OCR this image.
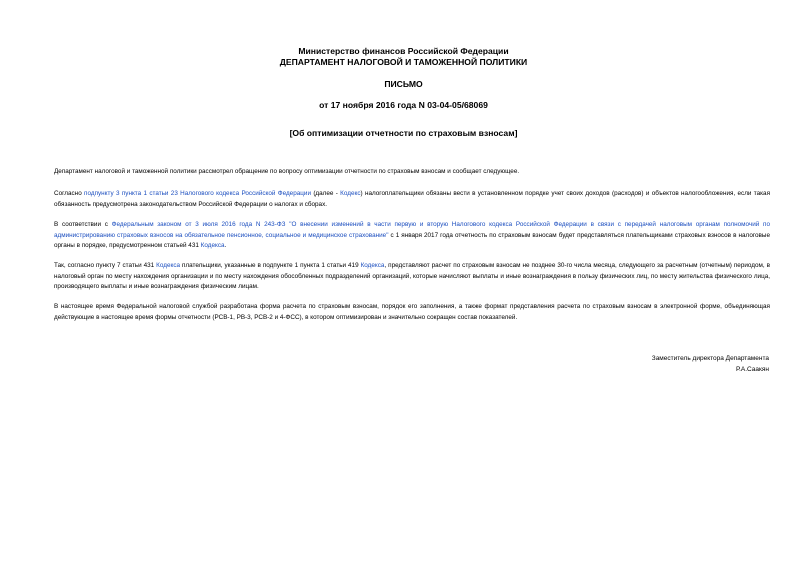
Министерство финансов Российской Федерации
ДЕПАРТАМЕНТ НАЛОГОВОЙ И ТАМОЖЕННОЙ ПОЛИТИКИ
ПИСЬМО
от 17 ноября 2016 года N 03-04-05/68069
[Об оптимизации отчетности по страховым взносам]
Департамент налоговой и таможенной политики рассмотрел обращение по вопросу оптимизации отчетности по страховым взносам и сообщает следующее.
Согласно подпункту 3 пункта 1 статьи 23 Налогового кодекса Российской Федерации (далее - Кодекс) налогоплательщики обязаны вести в установленном порядке учет своих доходов (расходов) и объектов налогообложения, если такая обязанность предусмотрена законодательством Российской Федерации о налогах и сборах.
В соответствии с Федеральным законом от 3 июля 2016 года N 243-ФЗ "О внесении изменений в части первую и вторую Налогового кодекса Российской Федерации в связи с передачей налоговым органам полномочий по администрированию страховых взносов на обязательное пенсионное, социальное и медицинское страхование" с 1 января 2017 года отчетность по страховым взносам будет представляться плательщиками страховых взносов в налоговые органы в порядке, предусмотренном статьей 431 Кодекса.
Так, согласно пункту 7 статьи 431 Кодекса плательщики, указанные в подпункте 1 пункта 1 статьи 419 Кодекса, представляют расчет по страховым взносам не позднее 30-го числа месяца, следующего за расчетным (отчетным) периодом, в налоговый орган по месту нахождения организации и по месту нахождения обособленных подразделений организаций, которые начисляют выплаты и иные вознаграждения в пользу физических лиц, по месту жительства физического лица, производящего выплаты и иные вознаграждения физическим лицам.
В настоящее время Федеральной налоговой службой разработана форма расчета по страховым взносам, порядок его заполнения, а также формат представления расчета по страховым взносам в электронной форме, объединяющая действующие в настоящее время формы отчетности (РСВ-1, РВ-3, РСВ-2 и 4-ФСС), в котором оптимизирован и значительно сокращен состав показателей.
Заместитель директора Департамента
Р.А.Саакян
